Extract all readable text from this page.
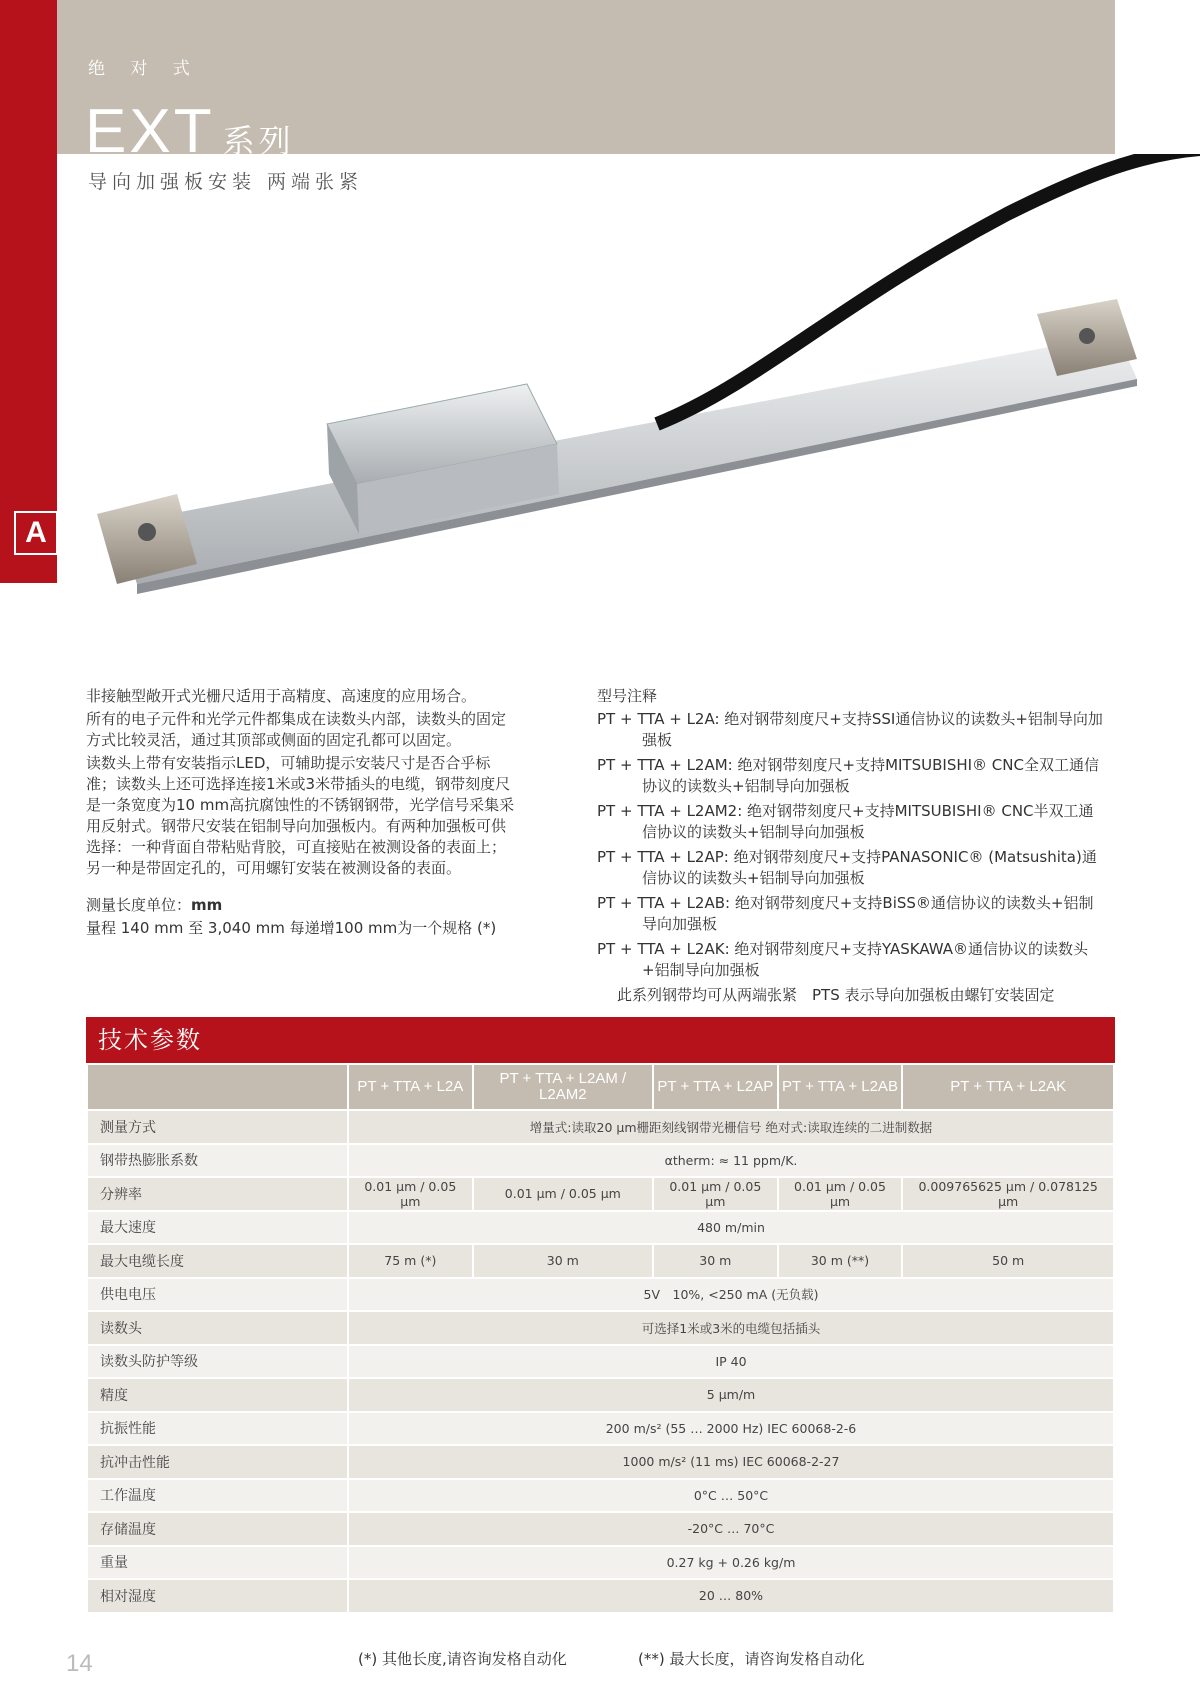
绝 对 式
EXT 系列
导向加强板安装 两端张紧
A

非接触型敞开式光栅尺适用于高精度、高速度的应用场合。

所有的电子元件和光学元件都集成在读数头内部，读数头的固定方式比较灵活，通过其顶部或侧面的固定孔都可以固定。

读数头上带有安装指示LED，可辅助提示安装尺寸是否合乎标准；读数头上还可选择连接1米或3米带插头的电缆，钢带刻度尺是一条宽度为10 mm高抗腐蚀性的不锈钢钢带，光学信号采集采用反射式。钢带尺安装在铝制导向加强板内。有两种加强板可供选择：一种背面自带粘贴背胶，可直接贴在被测设备的表面上；另一种是带固定孔的，可用螺钉安装在被测设备的表面。

测量长度单位：mm

量程 140 mm 至 3,040 mm 每递增100 mm为一个规格 (*)

型号注释

PT + TTA + L2A: 绝对钢带刻度尺+支持SSI通信协议的读数头+铝制导向加强板

PT + TTA + L2AM: 绝对钢带刻度尺+支持MITSUBISHI® CNC全双工通信协议的读数头+铝制导向加强板

PT + TTA + L2AM2: 绝对钢带刻度尺+支持MITSUBISHI® CNC半双工通信协议的读数头+铝制导向加强板

PT + TTA + L2AP: 绝对钢带刻度尺+支持PANASONIC® (Matsushita)通信协议的读数头+铝制导向加强板

PT + TTA + L2AB: 绝对钢带刻度尺+支持BiSS®通信协议的读数头+铝制导向加强板

PT + TTA + L2AK: 绝对钢带刻度尺+支持YASKAWA®通信协议的读数头+铝制导向加强板

此系列钢带均可从两端张紧　PTS 表示导向加强板由螺钉安装固定

技术参数
	PT + TTA + L2A	PT + TTA + L2AM / L2AM2	PT + TTA + L2AP	PT + TTA + L2AB	PT + TTA + L2AK
测量方式	增量式:读取20 µm栅距刻线钢带光栅信号 绝对式:读取连续的二进制数据				
钢带热膨胀系数	αtherm: ≈ 11 ppm/K.				
分辨率	0.01 µm / 0.05 µm	0.01 µm / 0.05 µm	0.01 µm / 0.05 µm	0.01 µm / 0.05 µm	0.009765625 µm / 0.078125 µm
最大速度	480 m/min				
最大电缆长度	75 m (*)	30 m	30 m	30 m (**)	50 m
供电电压	5V　10%, <250 mA (无负载)				
读数头	可选择1米或3米的电缆包括插头				
读数头防护等级	IP 40				
精度	5 µm/m				
抗振性能	200 m/s² (55 … 2000 Hz) IEC 60068-2-6				
抗冲击性能	1000 m/s² (11 ms) IEC 60068-2-27				
工作温度	0°C … 50°C				
存储温度	-20°C … 70°C				
重量	0.27 kg + 0.26 kg/m				
相对湿度	20 … 80%				
14	(*) 其他长度,请咨询发格自动化	(**) 最大长度，请咨询发格自动化
